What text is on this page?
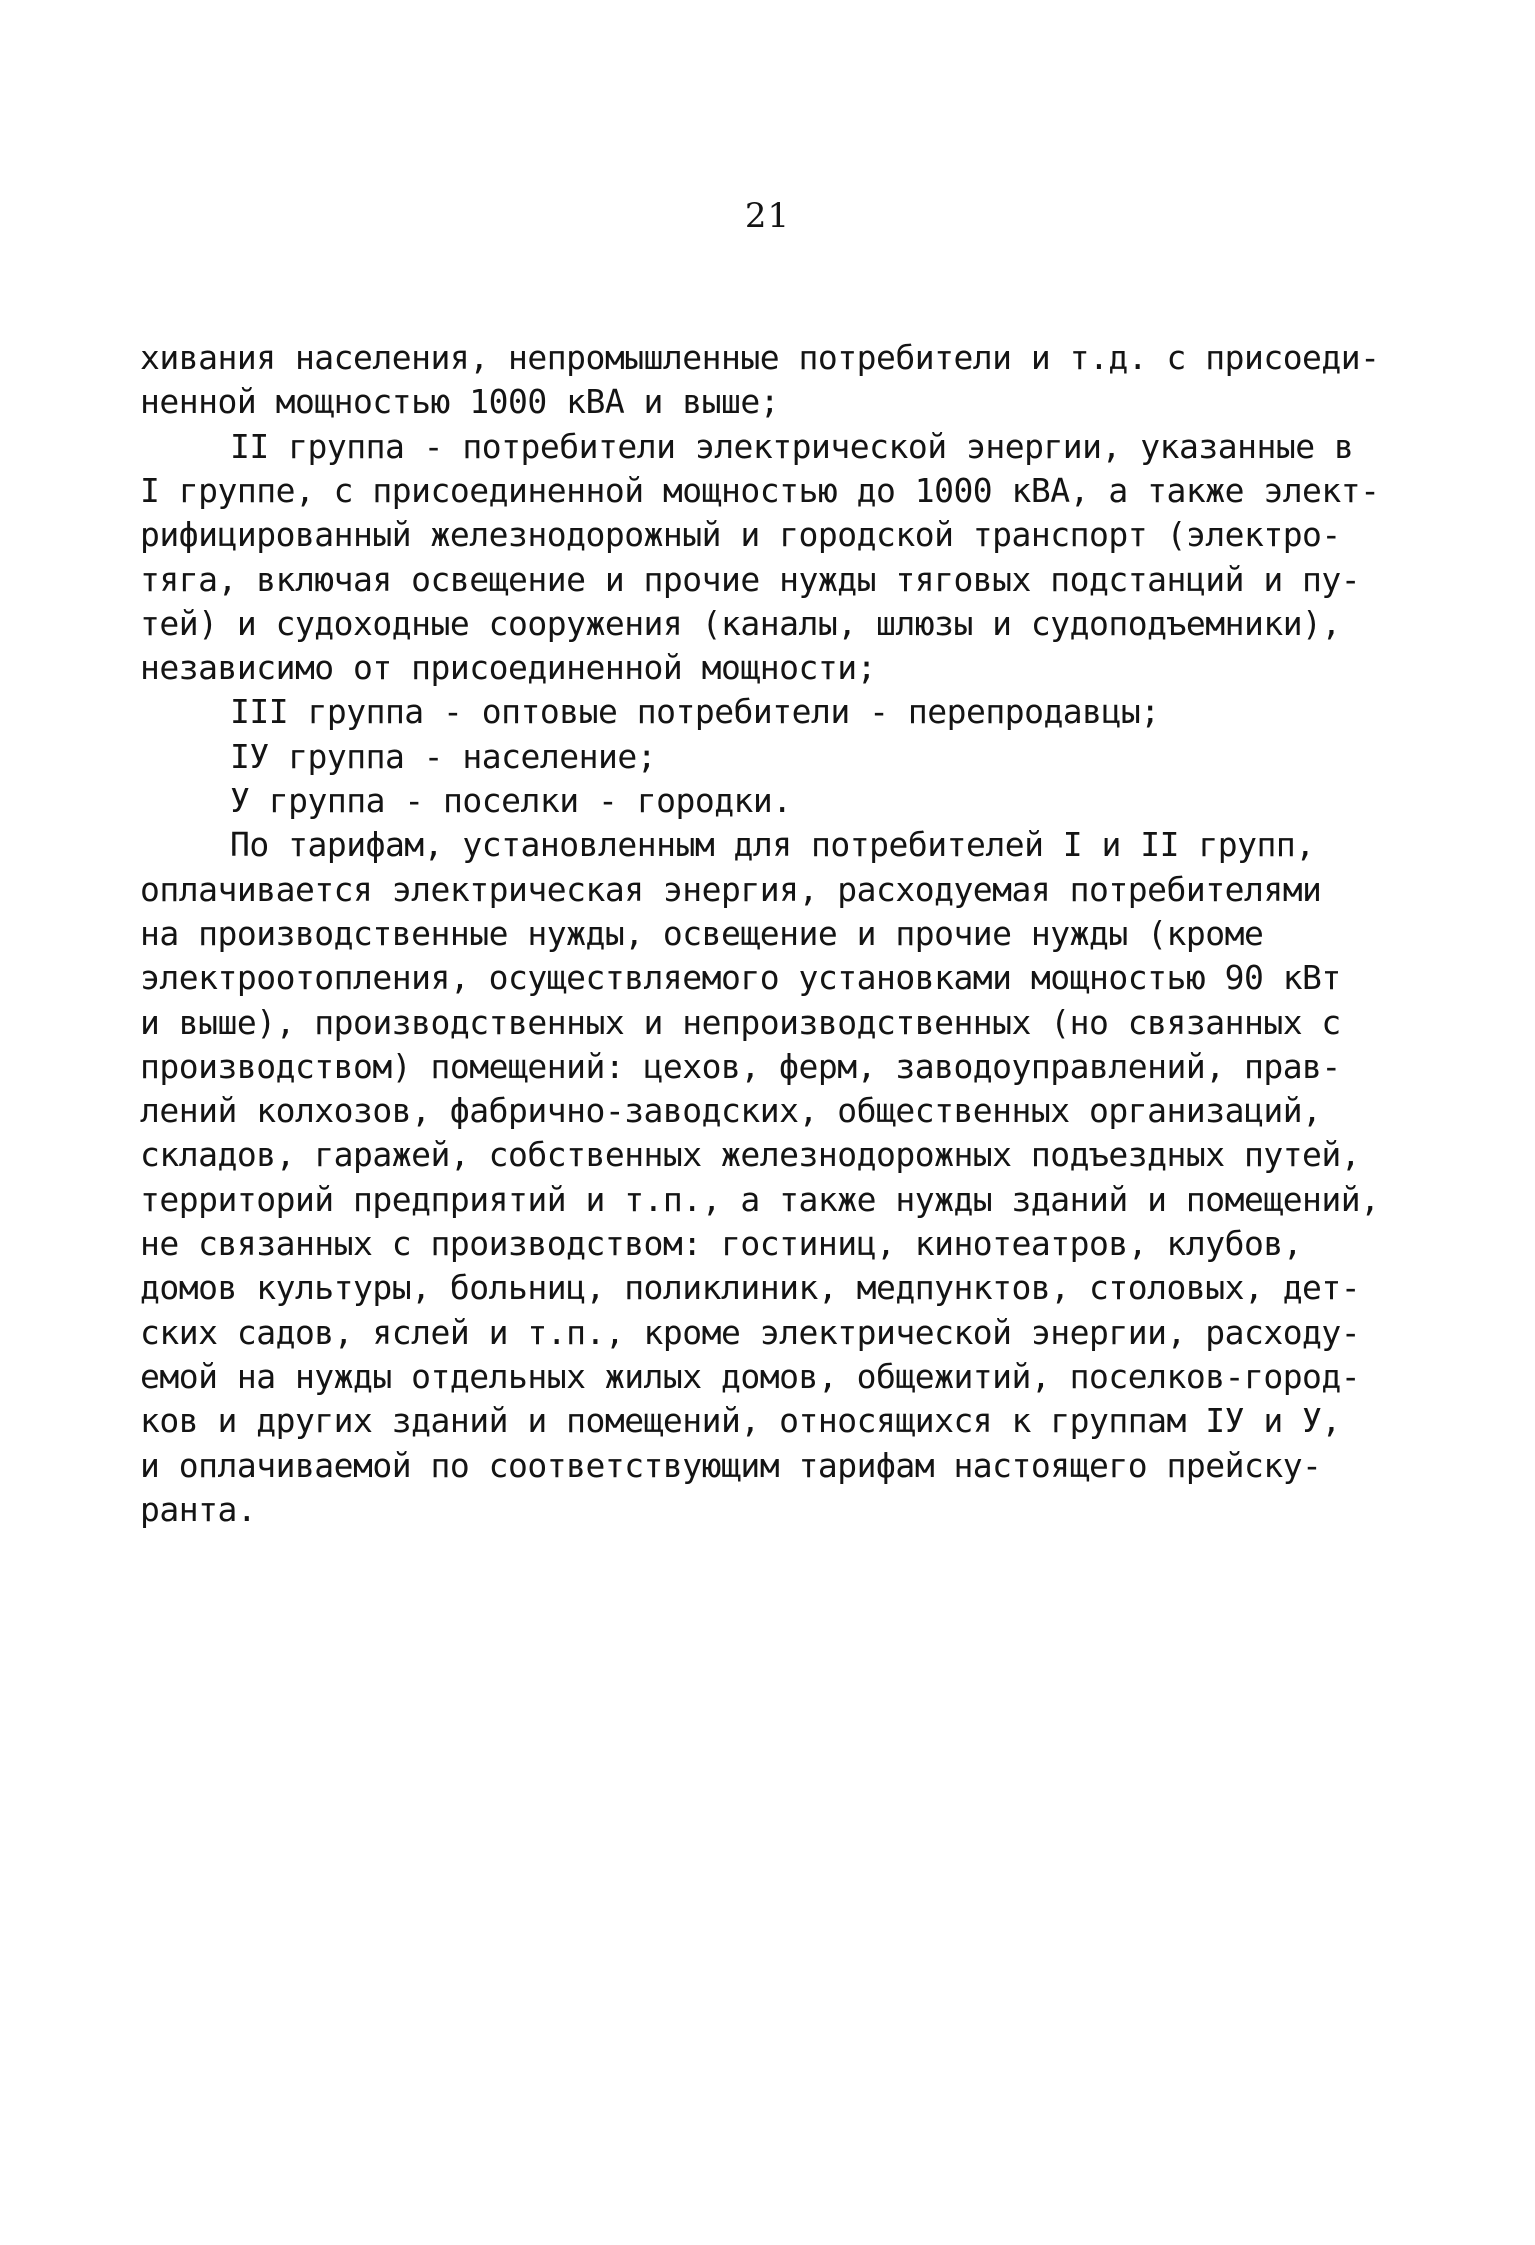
21
хивания населения, непромышленные потребители и т.д. с присоеди-
ненной мощностью 1000 кВА и выше;
II группа - потребители электрической энергии, указанные в
I группе, с присоединенной мощностью до 1000 кВА, а также элект-
рифицированный железнодорожный и городской транспорт (электро-
тяга, включая освещение и прочие нужды тяговых подстанций и пу-
тей) и судоходные сооружения (каналы, шлюзы и судоподъемники),
независимо от присоединенной мощности;
III группа - оптовые потребители - перепродавцы;
IУ группа - население;
У группа - поселки - городки.
По тарифам, установленным для потребителей I и II групп,
оплачивается электрическая энергия, расходуемая потребителями
на производственные нужды, освещение и прочие нужды (кроме
электроотопления, осуществляемого установками мощностью 90 кВт
и выше), производственных и непроизводственных (но связанных с
производством) помещений: цехов, ферм, заводоуправлений, прав-
лений колхозов, фабрично-заводских, общественных организаций,
складов, гаражей, собственных железнодорожных подъездных путей,
территорий предприятий и т.п., а также нужды зданий и помещений,
не связанных с производством: гостиниц, кинотеатров, клубов,
домов культуры, больниц, поликлиник, медпунктов, столовых, дет-
ских садов, яслей и т.п., кроме электрической энергии, расходу-
емой на нужды отдельных жилых домов, общежитий, поселков-город-
ков и других зданий и помещений, относящихся к группам IУ и У,
и оплачиваемой по соответствующим тарифам настоящего прейскy-
ранта.
